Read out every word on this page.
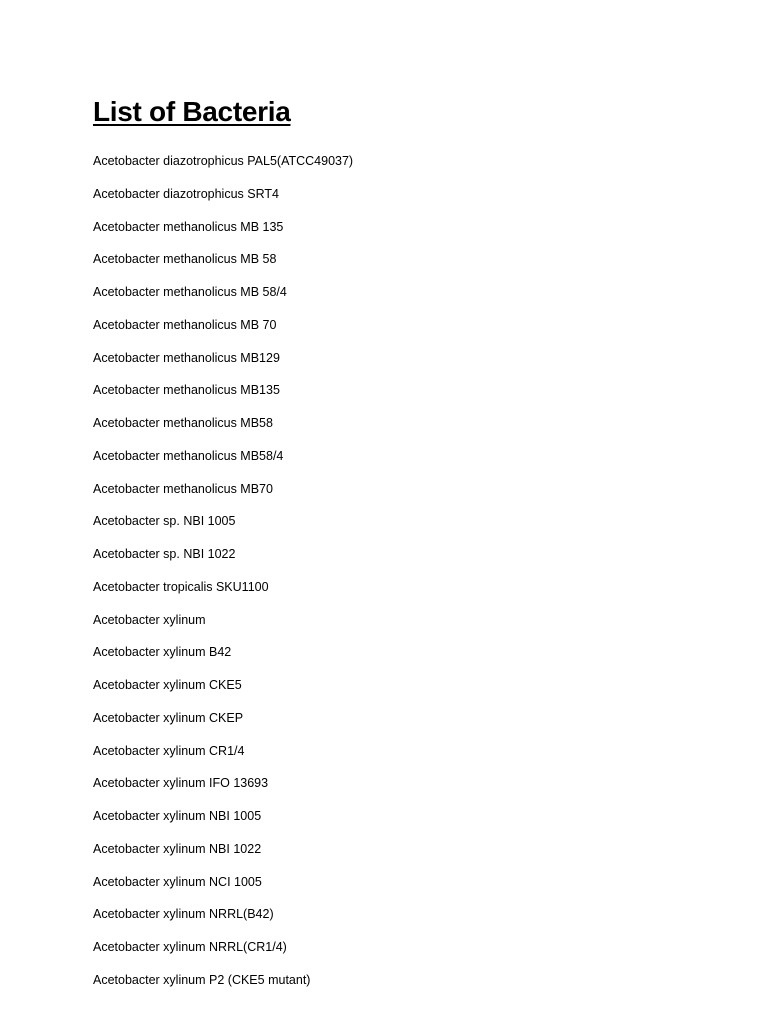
List of Bacteria
Acetobacter diazotrophicus PAL5(ATCC49037)
Acetobacter diazotrophicus SRT4
Acetobacter methanolicus MB 135
Acetobacter methanolicus MB 58
Acetobacter methanolicus MB 58/4
Acetobacter methanolicus MB 70
Acetobacter methanolicus MB129
Acetobacter methanolicus MB135
Acetobacter methanolicus MB58
Acetobacter methanolicus MB58/4
Acetobacter methanolicus MB70
Acetobacter sp. NBI 1005
Acetobacter sp. NBI 1022
Acetobacter tropicalis SKU1100
Acetobacter xylinum
Acetobacter xylinum B42
Acetobacter xylinum CKE5
Acetobacter xylinum CKEP
Acetobacter xylinum CR1/4
Acetobacter xylinum IFO 13693
Acetobacter xylinum NBI 1005
Acetobacter xylinum NBI 1022
Acetobacter xylinum NCI 1005
Acetobacter xylinum NRRL(B42)
Acetobacter xylinum NRRL(CR1/4)
Acetobacter xylinum P2 (CKE5 mutant)
